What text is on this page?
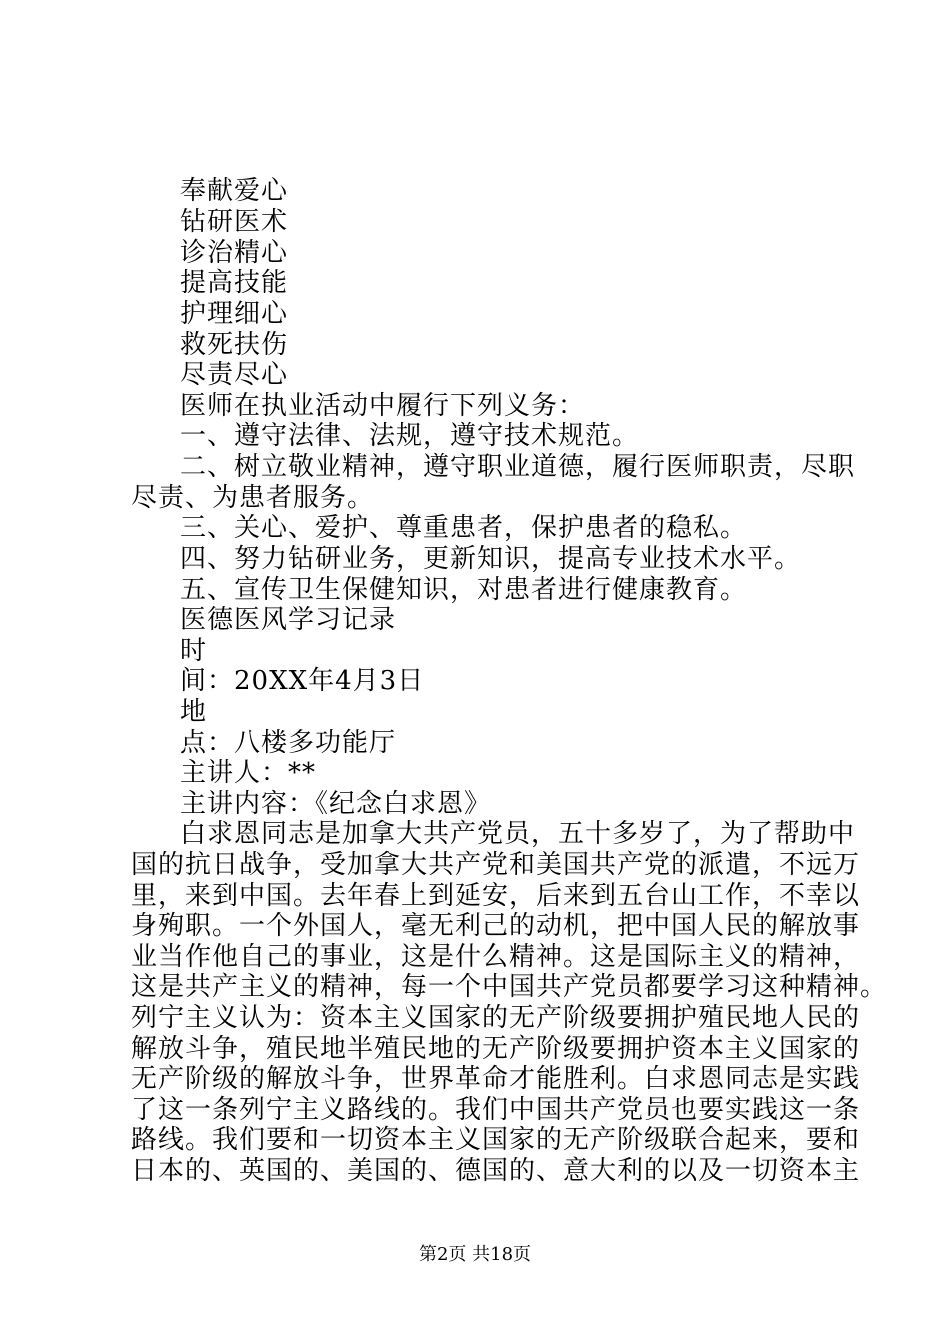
奉献爱心
钻研医术
诊治精心
提高技能
护理细心
救死扶伤
尽责尽心
医师在执业活动中履行下列义务：
一、遵守法律、法规，遵守技术规范。
二、树立敬业精神，遵守职业道德，履行医师职责，尽职
尽责、为患者服务。
三、关心、爱护、尊重患者，保护患者的稳私。
四、努力钻研业务，更新知识，提高专业技术水平。
五、宣传卫生保健知识，对患者进行健康教育。
医德医风学习记录
时
间：20XX年4月3日
地
点：八楼多功能厅
主讲人：**
主讲内容：《纪念白求恩》
白求恩同志是加拿大共产党员，五十多岁了，为了帮助中
国的抗日战争，受加拿大共产党和美国共产党的派遣，不远万
里，来到中国。去年春上到延安，后来到五台山工作，不幸以
身殉职。一个外国人，毫无利己的动机，把中国人民的解放事
业当作他自己的事业，这是什么精神。这是国际主义的精神，
这是共产主义的精神，每一个中国共产党员都要学习这种精神。
列宁主义认为：资本主义国家的无产阶级要拥护殖民地人民的
解放斗争，殖民地半殖民地的无产阶级要拥护资本主义国家的
无产阶级的解放斗争，世界革命才能胜利。白求恩同志是实践
了这一条列宁主义路线的。我们中国共产党员也要实践这一条
路线。我们要和一切资本主义国家的无产阶级联合起来，要和
日本的、英国的、美国的、德国的、意大利的以及一切资本主
第2页 共18页
